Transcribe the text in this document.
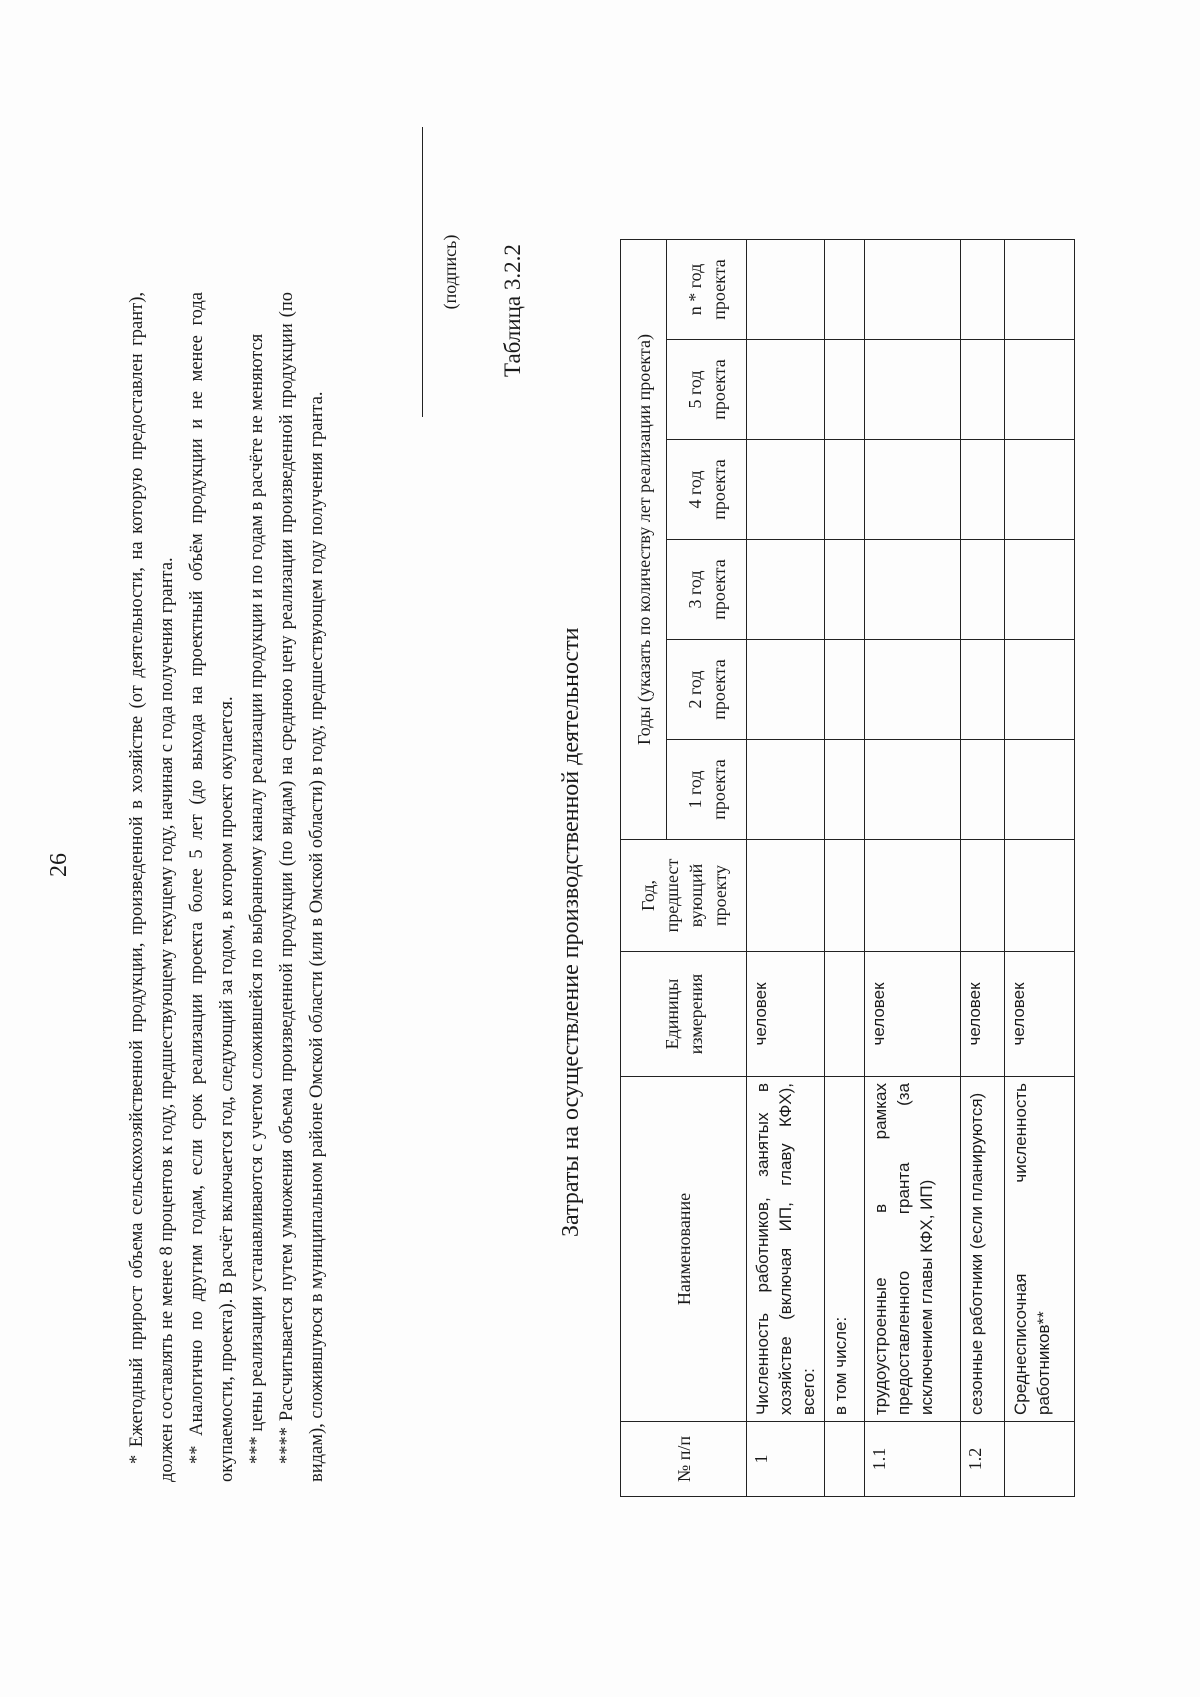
26	* Ежегодный прирост объема сельскохозяйственной продукции, произведенной в хозяйстве (от деятельности, на которую предоставлен грант), должен составлять не менее 8 процентов к году, предшествующему текущему году, начиная с года получения гранта. ** Аналогично по другим годам, если срок реализации проекта более 5 лет (до выхода на проектный объём продукции и не менее года окупаемости, проекта). В расчёт включается год, следующий за годом, в котором проект окупается. *** цены реализации устанавливаются с учетом сложившейся по выбранному каналу реализации продукции и по годам в расчёте не меняются **** Рассчитывается путем умножения объема произведенной продукции (по видам) на среднюю цену реализации произведенной продукции (по видам), сложившуюся в муниципальном районе Омской области (или в Омской области) в году, предшествующем году получения гранта.

(подпись) Таблица 3.2.2
Затраты на осуществление производственной деятельности
№ п/п	Наименование	Единицы измерения	Год, предшест вующий проекту	Годы (указать по количеству лет реализации проекта)					
				1 год проекта	2 год проекта	3 год проекта	4 год проекта	5 год проекта	n * год проекта
1	Численность работников, занятых в хозяйстве (включая ИП, главу КФХ), всего:	человек							
	в том числе:								
1.1	трудоустроенные в рамках предоставленного гранта (за исключением главы КФХ, ИП)	человек							
1.2	сезонные работники (если планируются)	человек							
	Среднесписочная численность работников**	человек							
